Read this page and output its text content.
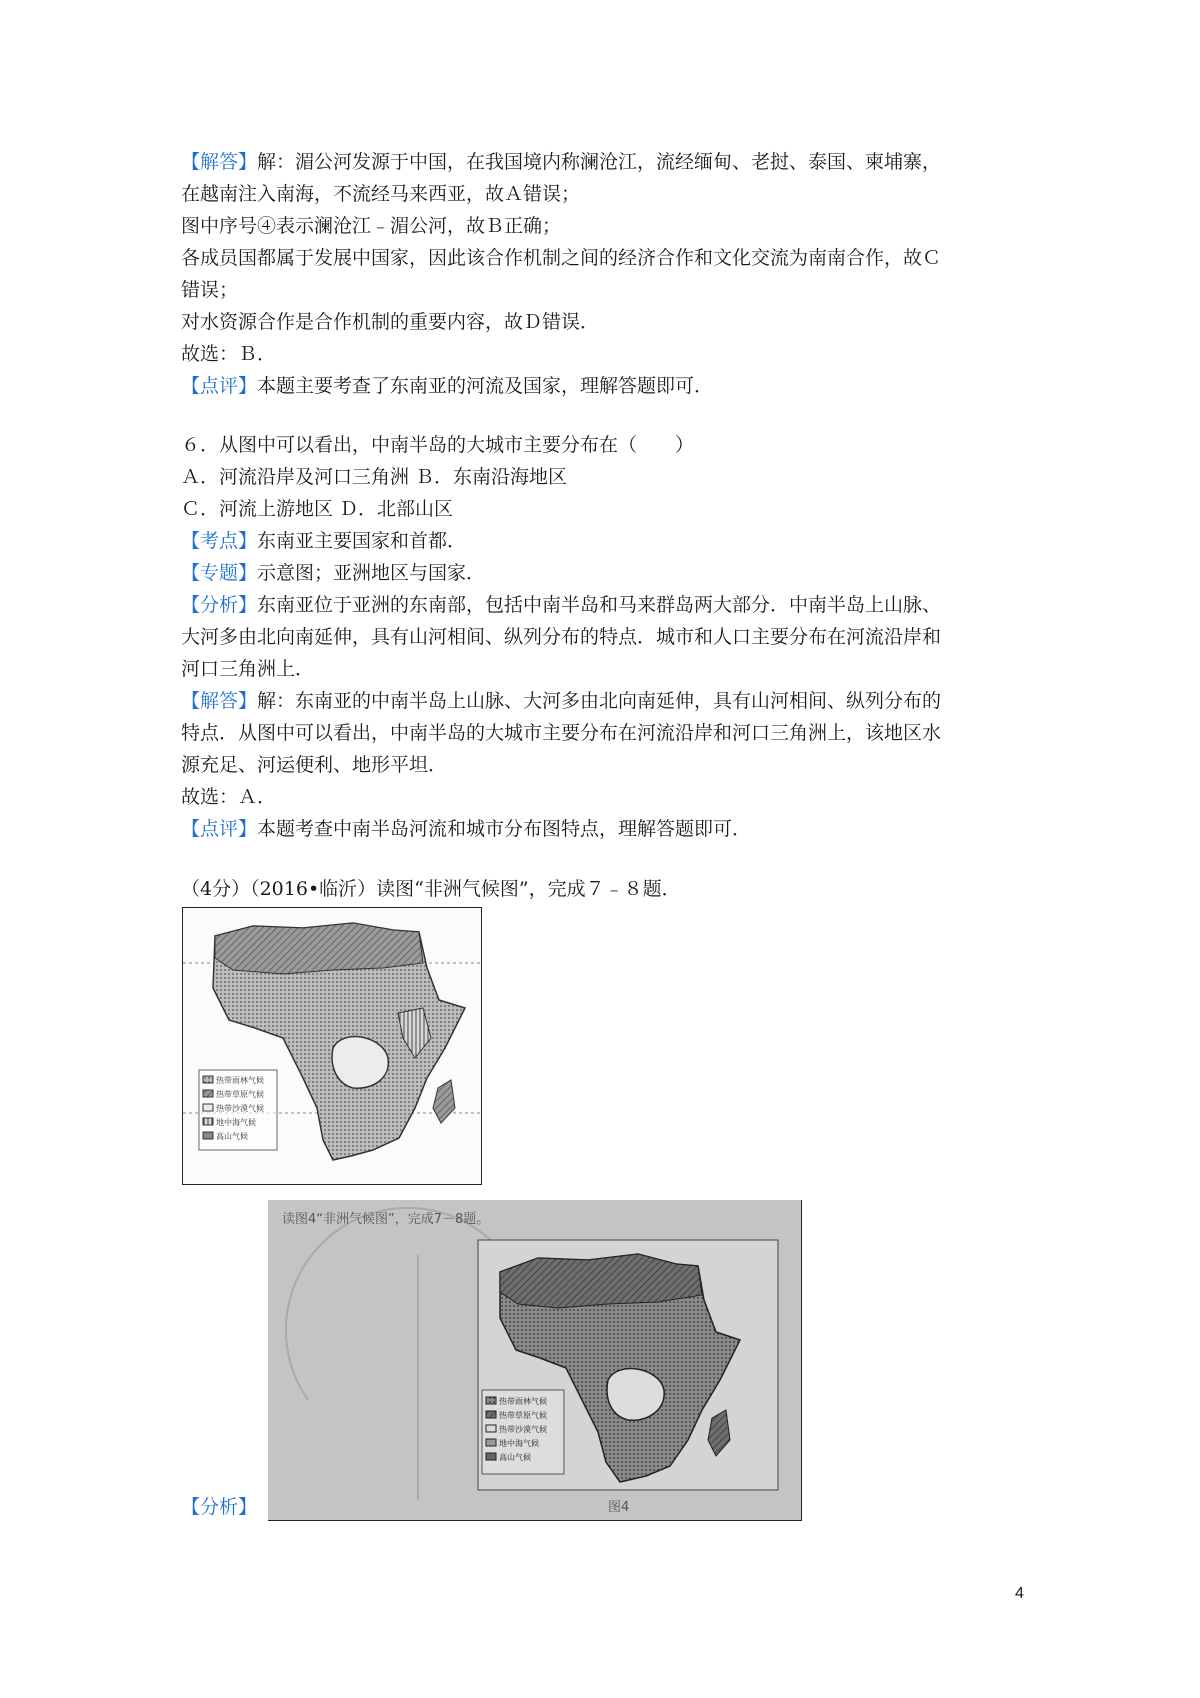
【解答】解：湄公河发源于中国，在我国境内称澜沧江，流经缅甸、老挝、泰国、柬埔寨，
在越南注入南海，不流经马来西亚，故Ａ错误；
图中序号④表示澜沧江﹣湄公河，故Ｂ正确；
各成员国都属于发展中国家，因此该合作机制之间的经济合作和文化交流为南南合作，故Ｃ
错误；
对水资源合作是合作机制的重要内容，故Ｄ错误．
故选：Ｂ．
【点评】本题主要考查了东南亚的河流及国家，理解答题即可．
６．从图中可以看出，中南半岛的大城市主要分布在（　　）
Ａ．河流沿岸及河口三角洲 Ｂ．东南沿海地区
Ｃ．河流上游地区 Ｄ．北部山区
【考点】东南亚主要国家和首都．
【专题】示意图；亚洲地区与国家．
【分析】东南亚位于亚洲的东南部，包括中南半岛和马来群岛两大部分．中南半岛上山脉、
大河多由北向南延伸，具有山河相间、纵列分布的特点．城市和人口主要分布在河流沿岸和
河口三角洲上．
【解答】解：东南亚的中南半岛上山脉、大河多由北向南延伸，具有山河相间、纵列分布的
特点．从图中可以看出，中南半岛的大城市主要分布在河流沿岸和河口三角洲上，该地区水
源充足、河运便利、地形平坦．
故选：Ａ．
【点评】本题考查中南半岛河流和城市分布图特点，理解答题即可．
（4分）（2016•临沂）读图“非洲气候图”，完成７﹣８题．
热带雨林气候
热带草原气候
热带沙漠气候
地中海气候
高山气候
读图4“非洲气候图”，完成7－8题。
热带雨林气候
热带草原气候
热带沙漠气候
地中海气候
高山气候
图4
【分析】
4
